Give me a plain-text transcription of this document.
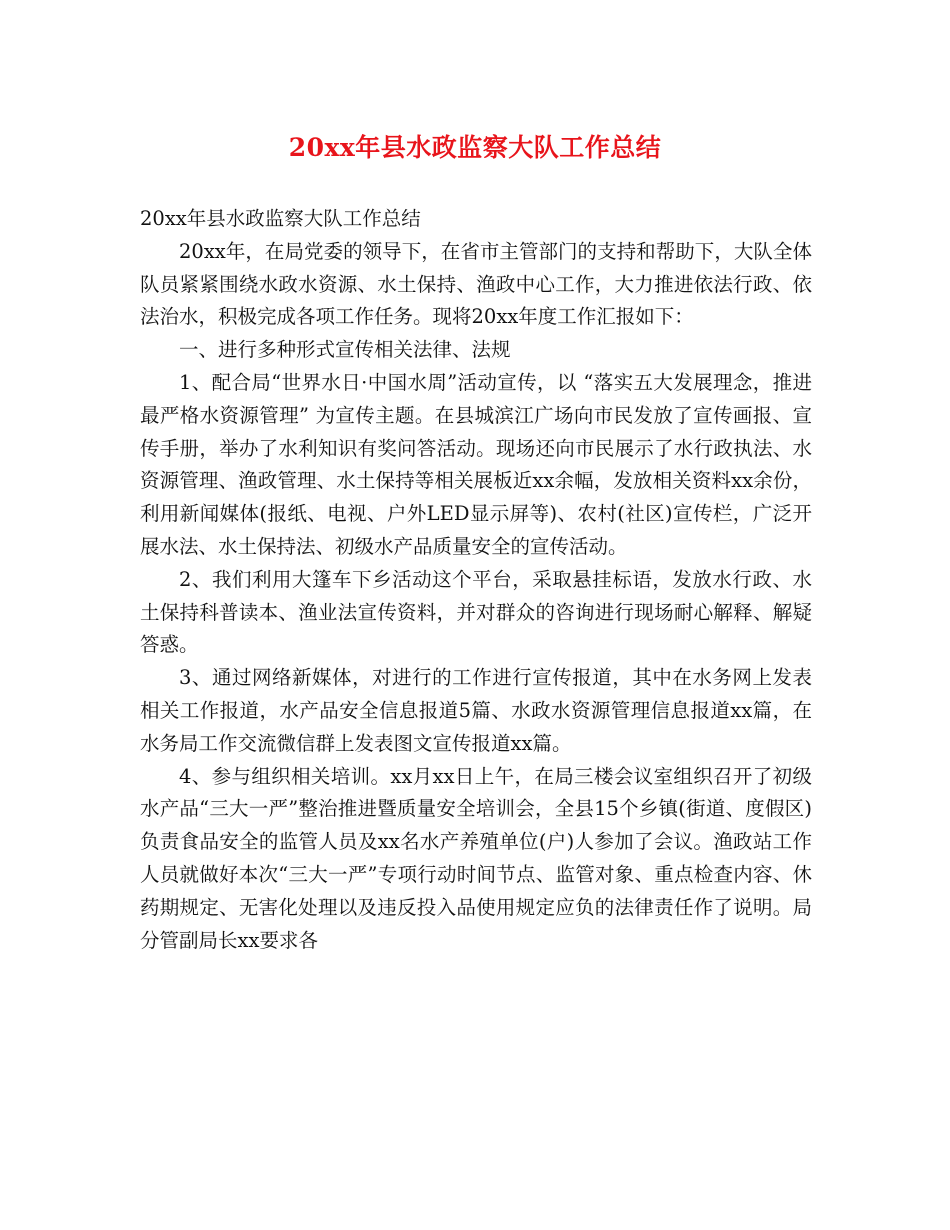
20xx年县水政监察大队工作总结

20xx年县水政监察大队工作总结

20xx年，在局党委的领导下，在省市主管部门的支持和帮助下，大队全体队员紧紧围绕水政水资源、水土保持、渔政中心工作，大力推进依法行政、依法治水，积极完成各项工作任务。现将20xx年度工作汇报如下：

一、进行多种形式宣传相关法律、法规

1、配合局“世界水日·中国水周”活动宣传，以 “落实五大发展理念，推进最严格水资源管理” 为宣传主题。在县城滨江广场向市民发放了宣传画报、宣传手册，举办了水利知识有奖问答活动。现场还向市民展示了水行政执法、水资源管理、渔政管理、水土保持等相关展板近xx余幅，发放相关资料xx余份，利用新闻媒体(报纸、电视、户外LED显示屏等)、农村(社区)宣传栏，广泛开展水法、水土保持法、初级水产品质量安全的宣传活动。

2、我们利用大篷车下乡活动这个平台，采取悬挂标语，发放水行政、水土保持科普读本、渔业法宣传资料，并对群众的咨询进行现场耐心解释、解疑答惑。

3、通过网络新媒体，对进行的工作进行宣传报道，其中在水务网上发表相关工作报道，水产品安全信息报道5篇、水政水资源管理信息报道xx篇，在水务局工作交流微信群上发表图文宣传报道xx篇。

4、参与组织相关培训。xx月xx日上午，在局三楼会议室组织召开了初级水产品“三大一严”整治推进暨质量安全培训会，全县15个乡镇(街道、度假区)负责食品安全的监管人员及xx名水产养殖单位(户)人参加了会议。渔政站工作人员就做好本次“三大一严”专项行动时间节点、监管对象、重点检查内容、休药期规定、无害化处理以及违反投入品使用规定应负的法律责任作了说明。局分管副局长xx要求各
